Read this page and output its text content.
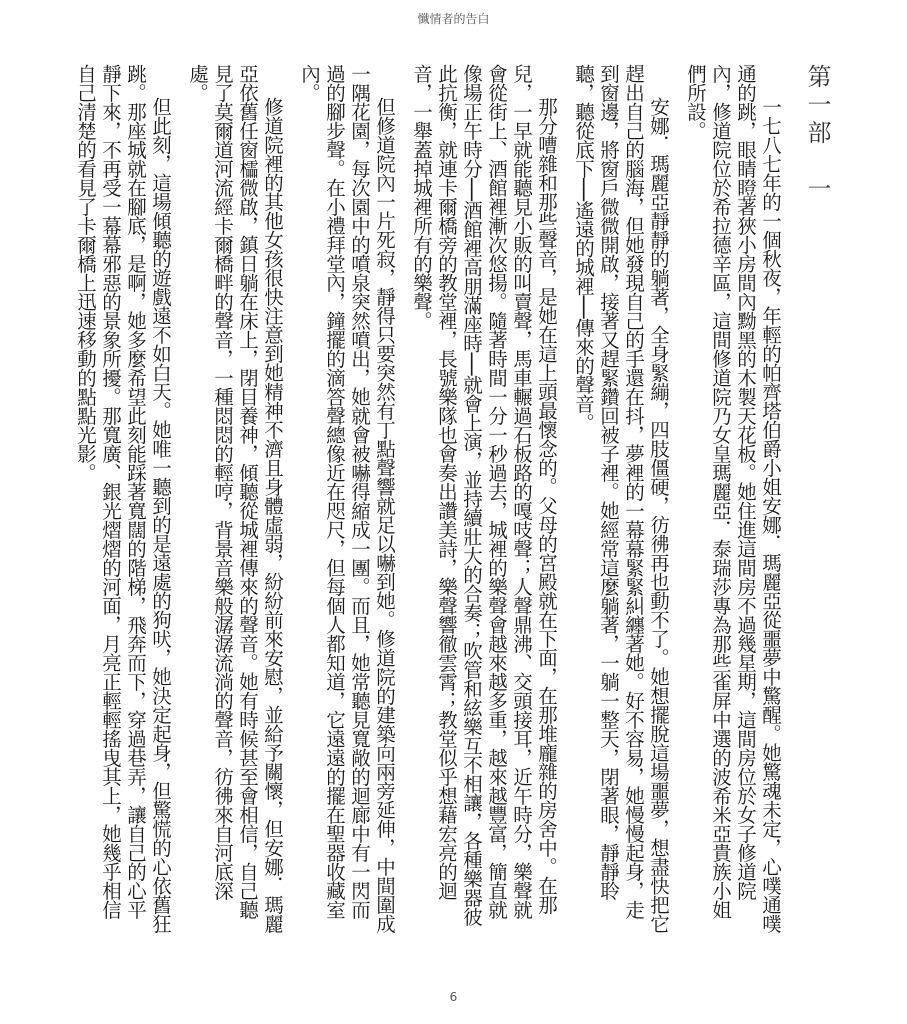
懺情者的告白
第一部　一

一七八七年的一個秋夜，年輕的帕齊塔伯爵小姐安娜．瑪麗亞從噩夢中驚醒。她驚魂未定，心噗通噗通的跳，眼睛瞪著狹小房間內黝黑的木製天花板。她住進這間房不過幾星期，這間房位於女子修道院內，修道院位於希拉德辛區，這間修道院乃女皇瑪麗亞．泰瑞莎專為那些雀屏中選的波希米亞貴族小姐們所設。

安娜．瑪麗亞靜靜的躺著，全身緊繃，四肢僵硬，彷彿再也動不了。她想擺脫這場噩夢，想盡快把它趕出自己的腦海，但她發現自己的手還在抖，夢裡的一幕幕緊緊糾纏著她。好不容易，她慢慢起身，走到窗邊，將窗戶微微開啟，接著又趕緊鑽回被子裡。她經常這麼躺著，一躺一整天，閉著眼，靜靜聆聽，聽從底下──遙遠的城裡──傳來的聲音。

那分嘈雜和那些聲音，是她在這上頭最懷念的。父母的宮殿就在下面，在那堆龐雜的房舍中。在那兒，一早就能聽見小販的叫賣聲，馬車輾過石板路的嘎吱聲；人聲鼎沸、交頭接耳，近午時分，樂聲就會從街上、酒館裡漸次悠揚。隨著時間一分一秒過去，城裡的樂聲會越來越多重，越來越豐富，簡直就像場正午時分──酒館裡高朋滿座時──就會上演，並持續壯大的合奏；吹管和絃樂互不相讓，各種樂器彼此抗衡，就連卡爾橋旁的教堂裡，長號樂隊也會奏出讚美詩，樂聲響徹雲霄；教堂似乎想藉宏亮的迴音，一舉蓋掉城裡所有的樂聲。

但修道院內一片死寂，靜得只要突然有丁點聲響就足以嚇到她。修道院的建築向兩旁延伸，中間圍成一隅花園，每次園中的噴泉突然噴出，她就會被嚇得縮成一團。而且，她常聽見寬敞的迴廊中有一閃而過的腳步聲。在小禮拜堂內，鐘擺的滴答聲總像近在咫尺，但每個人都知道，它遠遠的擺在聖器收藏室內。

修道院裡的其他女孩很快注意到她精神不濟且身體虛弱，紛紛前來安慰，並給予關懷，但安娜．瑪麗亞依舊任窗櫺微啟，鎮日躺在床上，閉目養神，傾聽從城裡傳來的聲音。她有時候甚至會相信，自己聽見了莫爾道河流經卡爾橋畔的聲音，一種悶悶的輕哼，背景音樂般潺潺流淌的聲音，彷彿來自河底深處。

但此刻，這場傾聽的遊戲遠不如白天。她唯一聽到的是遠處的狗吠，她決定起身，但驚慌的心依舊狂跳。那座城就在腳底，是啊，她多麼希望此刻能踩著寬闊的階梯，飛奔而下，穿過巷弄，讓自己的心平靜下來，不再受一幕幕邪惡的景象所擾。那寬廣、銀光熠熠的河面，月亮正輕輕搖曳其上，她幾乎相信自己清楚的看見了卡爾橋上迅速移動的點點光影。

6
